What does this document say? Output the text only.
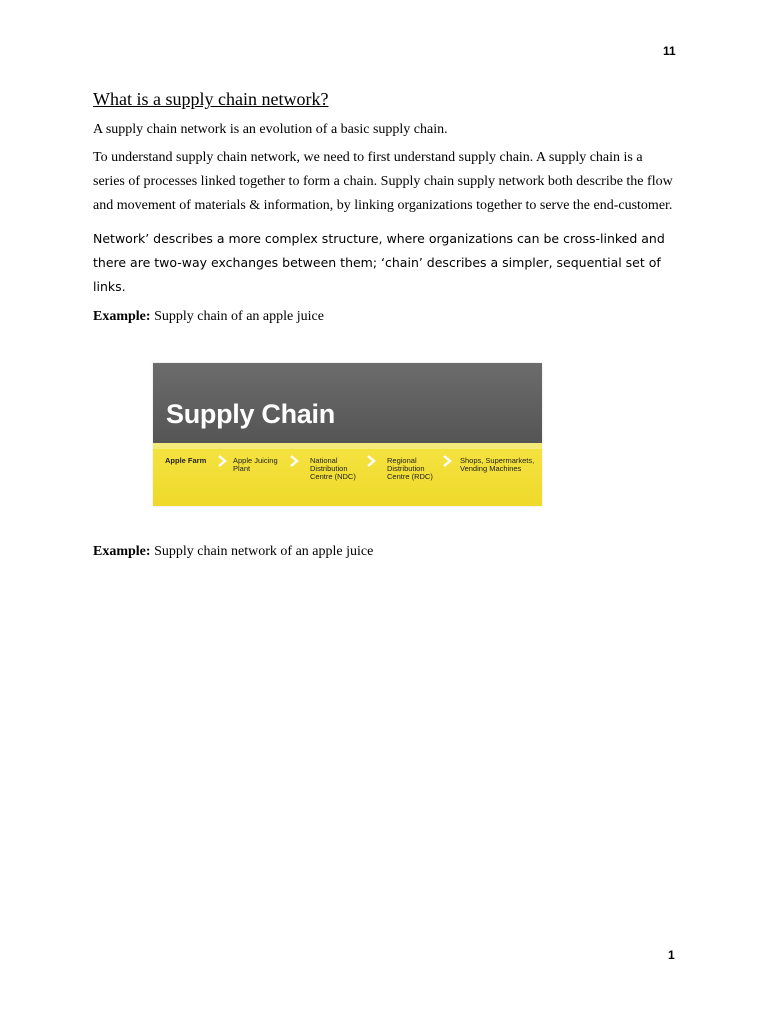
11
What is a supply chain network?

A supply chain network is an evolution of a basic supply chain.

To understand supply chain network, we need to first understand supply chain. A supply chain is a series of processes linked together to form a chain. Supply chain supply network both describe the flow and movement of materials & information, by linking organizations together to serve the end-customer.

Network’ describes a more complex structure, where organizations can be cross-linked and there are two-way exchanges between them; ‘chain’ describes a simpler, sequential set of links.

Example: Supply chain of an apple juice

Supply Chain
Apple Farm	Apple Juicing Plant
National Distribution Centre (NDC)
Regional Distribution Centre (RDC)
Shops, Supermarkets, Vending Machines

Example: Supply chain network of an apple juice

1
